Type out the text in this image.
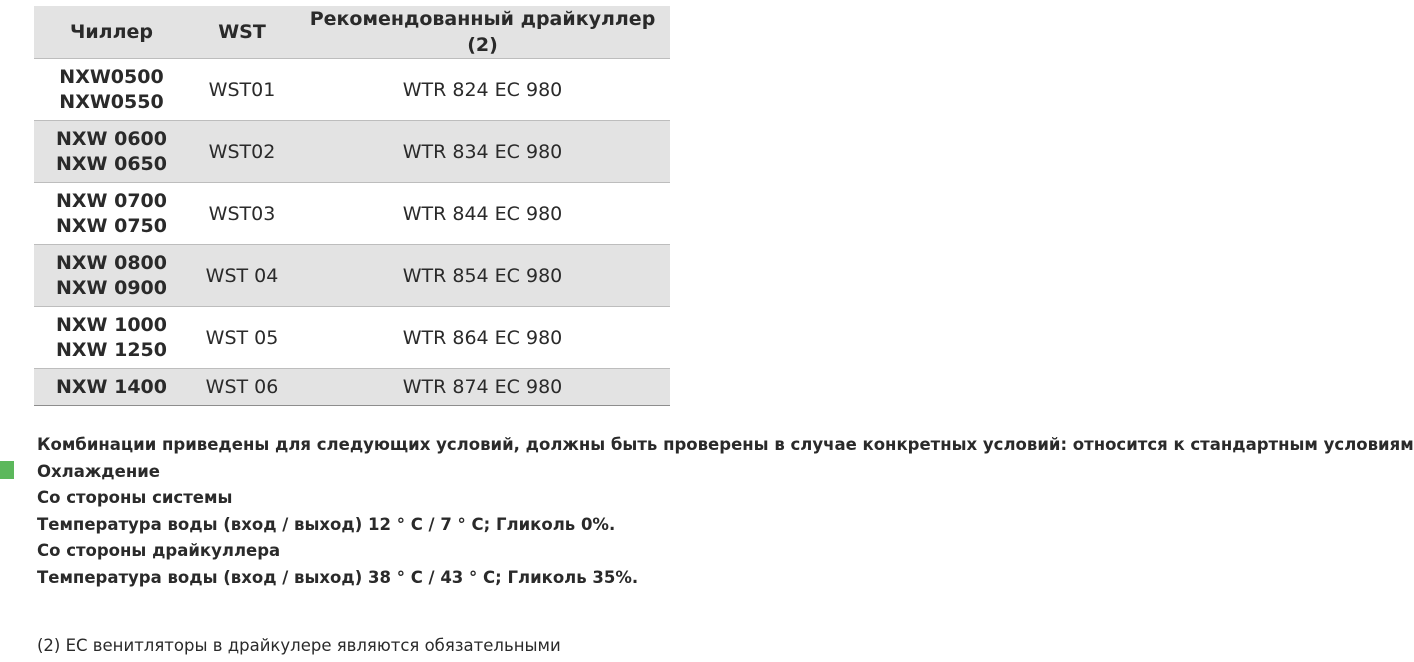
Чиллер	WST	Рекомендованный драйкуллер (2)

NXW0500
NXW0550	WST01	WTR 824 EC 980

NXW 0600
NXW 0650	WST02	WTR 834 EC 980

NXW 0700
NXW 0750	WST03	WTR 844 EC 980

NXW 0800
NXW 0900	WST 04	WTR 854 EC 980

NXW 1000
NXW 1250	WST 05	WTR 864 EC 980

NXW 1400	WST 06	WTR 874 EC 980
Комбинации приведены для следующих условий, должны быть проверены в случае конкретных условий: относится к стандартным условиям
Охлаждение
Со стороны системы
Температура воды (вход / выход) 12 ° C / 7 ° C; Гликоль 0%.
Со стороны драйкуллера
Температура воды (вход / выход) 38 ° C / 43 ° C; Гликоль 35%.
(2) EC венитляторы в драйкулере являются обязательными
